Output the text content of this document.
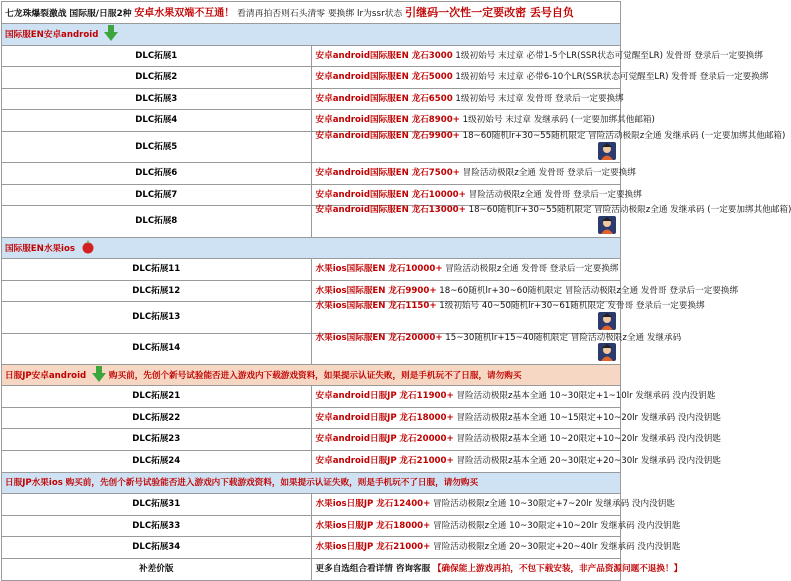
七龙珠爆裂激战 国际服/日服2种 安卓水果双端不互通！ 看清再拍否则石头清零 要换绑 lr为ssr状态 引继码一次性一定要改密 丢号自负	
国际服EN安卓android	
DLC拓展1	安卓android国际服EN 龙石3000 1级初始号 末过章 必带1-5个LR(SSR状态可觉醒至LR) 发骨哥 登录后一定要换绑
DLC拓展2	安卓android国际服EN 龙石5000 1级初始号 末过章 必带6-10个LR(SSR状态可觉醒至LR) 发骨哥 登录后一定要换绑
DLC拓展3	安卓android国际服EN 龙石6500 1级初始号 末过章 发骨哥 登录后一定要换绑
DLC拓展4	安卓android国际服EN 龙石8900+ 1级初始号 末过章 发继承码 (一定要加绑其他邮箱)
DLC拓展5	安卓android国际服EN 龙石9900+ 18~60随机lr+30~55随机限定 冒险活动极限z全通 发继承码 (一定要加绑其他邮箱)

DLC拓展6	安卓android国际服EN 龙石7500+ 冒险活动极限z全通 发骨哥 登录后一定要换绑
DLC拓展7	安卓android国际服EN 龙石10000+ 冒险活动极限z全通 发骨哥 登录后一定要换绑
DLC拓展8	安卓android国际服EN 龙石13000+ 18~60随机lr+30~55随机限定 冒险活动极限z全通 发继承码 (一定要加绑其他邮箱)

国际服EN水果ios	
DLC拓展11	水果ios国际服EN 龙石10000+ 冒险活动极限z全通 发骨哥 登录后一定要换绑
DLC拓展12	水果ios国际服EN 龙石9900+ 18~60随机lr+30~60随机限定 冒险活动极限z全通 发骨哥 登录后一定要换绑
DLC拓展13	水果ios国际服EN 龙石1150+ 1级初始号 40~50随机lr+30~61随机限定 发骨哥 登录后一定要换绑

DLC拓展14	水果ios国际服EN 龙石20000+ 15~30随机lr+15~40随机限定 冒险活动极限z全通 发继承码

日服JP安卓android 购买前，先创个新号试验能否进入游戏内下载游戏资料，如果提示认证失败，则是手机玩不了日服，请勿购买	
DLC拓展21	安卓android日服JP 龙石11900+ 冒险活动极限z基本全通 10~30限定+1~10lr 发继承码 没内没钥匙
DLC拓展22	安卓android日服JP 龙石18000+ 冒险活动极限z基本全通 10~15限定+10~20lr 发继承码 没内没钥匙
DLC拓展23	安卓android日服JP 龙石20000+ 冒险活动极限z基本全通 10~20限定+10~20lr 发继承码 没内没钥匙
DLC拓展24	安卓android日服JP 龙石21000+ 冒险活动极限z基本全通 20~30限定+20~30lr 发继承码 没内没钥匙
日服JP水果ios 购买前，先创个新号试验能否进入游戏内下载游戏资料，如果提示认证失败，则是手机玩不了日服，请勿购买	
DLC拓展31	水果ios日服JP 龙石12400+ 冒险活动极限z全通 10~30限定+7~20lr 发继承码 没内没钥匙
DLC拓展33	水果ios日服JP 龙石18000+ 冒险活动极限z全通 10~30限定+10~20lr 发继承码 没内没钥匙
DLC拓展34	水果ios日服JP 龙石21000+ 冒险活动极限z全通 20~30限定+20~40lr 发继承码 没内没钥匙
补差价版	更多自选组合看详情 咨询客服 【确保能上游戏再拍，不包下载安装，非产品资源问题不退换！】
